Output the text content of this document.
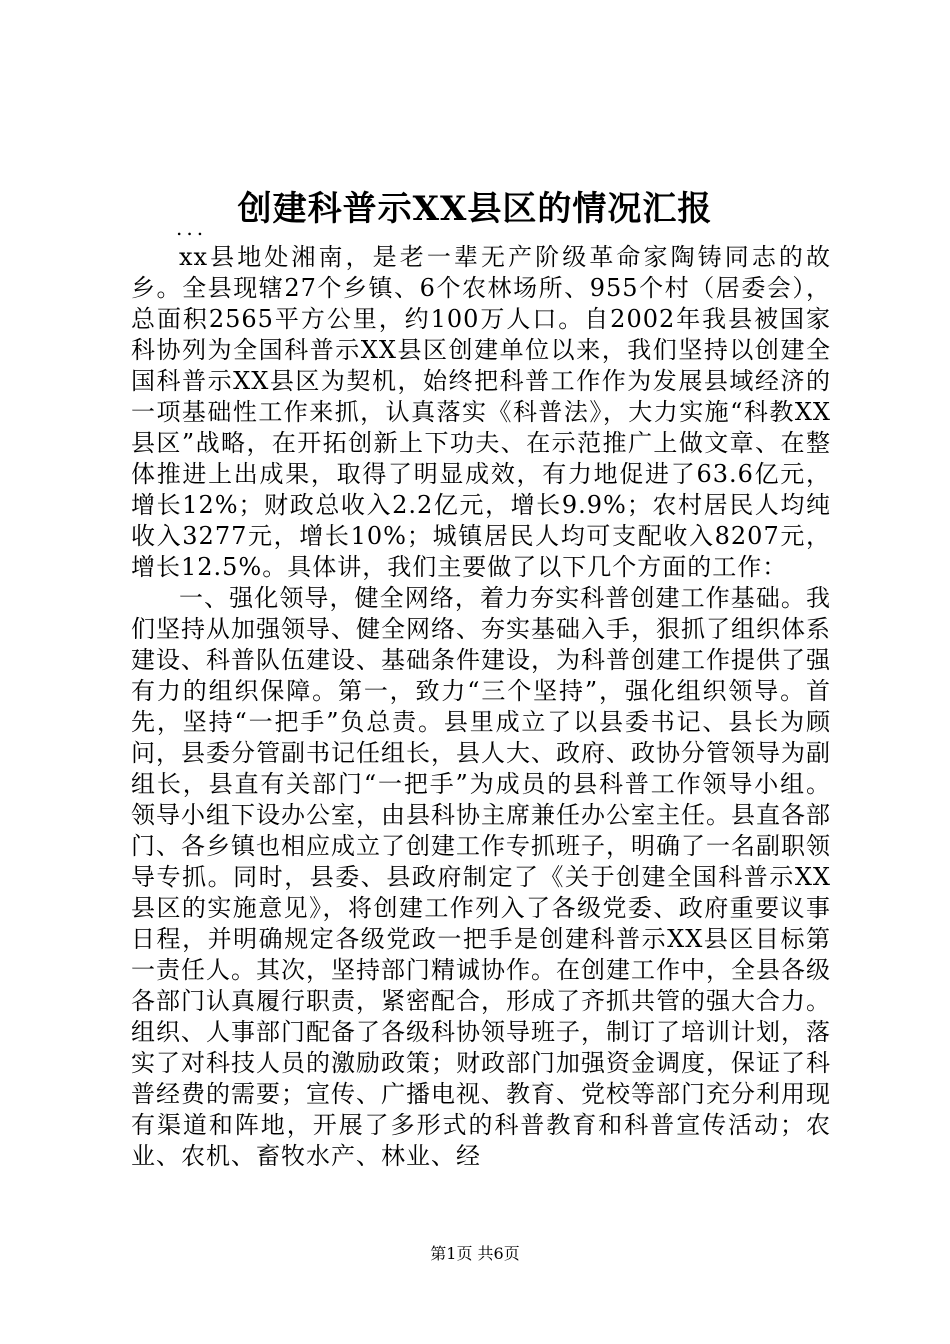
创建科普示XX县区的情况汇报
...

xx县地处湘南，是老一辈无产阶级革命家陶铸同志的故乡。全县现辖27个乡镇、6个农林场所、955个村（居委会），总面积2565平方公里，约100万人口。自2002年我县被国家科协列为全国科普示XX县区创建单位以来，我们坚持以创建全国科普示XX县区为契机，始终把科普工作作为发展县域经济的一项基础性工作来抓，认真落实《科普法》，大力实施“科教XX县区”战略，在开拓创新上下功夫、在示范推广上做文章、在整体推进上出成果，取得了明显成效，有力地促进了63.6亿元，增长12%；财政总收入2.2亿元，增长9.9%；农村居民人均纯收入3277元，增长10%；城镇居民人均可支配收入8207元，增长12.5%。具体讲，我们主要做了以下几个方面的工作：

一、强化领导，健全网络，着力夯实科普创建工作基础。我们坚持从加强领导、健全网络、夯实基础入手，狠抓了组织体系建设、科普队伍建设、基础条件建设，为科普创建工作提供了强有力的组织保障。第一，致力“三个坚持”，强化组织领导。首先，坚持“一把手”负总责。县里成立了以县委书记、县长为顾问，县委分管副书记任组长，县人大、政府、政协分管领导为副组长，县直有关部门“一把手”为成员的县科普工作领导小组。领导小组下设办公室，由县科协主席兼任办公室主任。县直各部门、各乡镇也相应成立了创建工作专抓班子，明确了一名副职领导专抓。同时，县委、县政府制定了《关于创建全国科普示XX县区的实施意见》，将创建工作列入了各级党委、政府重要议事日程，并明确规定各级党政一把手是创建科普示XX县区目标第一责任人。其次，坚持部门精诚协作。在创建工作中，全县各级各部门认真履行职责，紧密配合，形成了齐抓共管的强大合力。组织、人事部门配备了各级科协领导班子，制订了培训计划，落实了对科技人员的激励政策；财政部门加强资金调度，保证了科普经费的需要；宣传、广播电视、教育、党校等部门充分利用现有渠道和阵地，开展了多形式的科普教育和科普宣传活动；农业、农机、畜牧水产、林业、经

第1页 共6页
